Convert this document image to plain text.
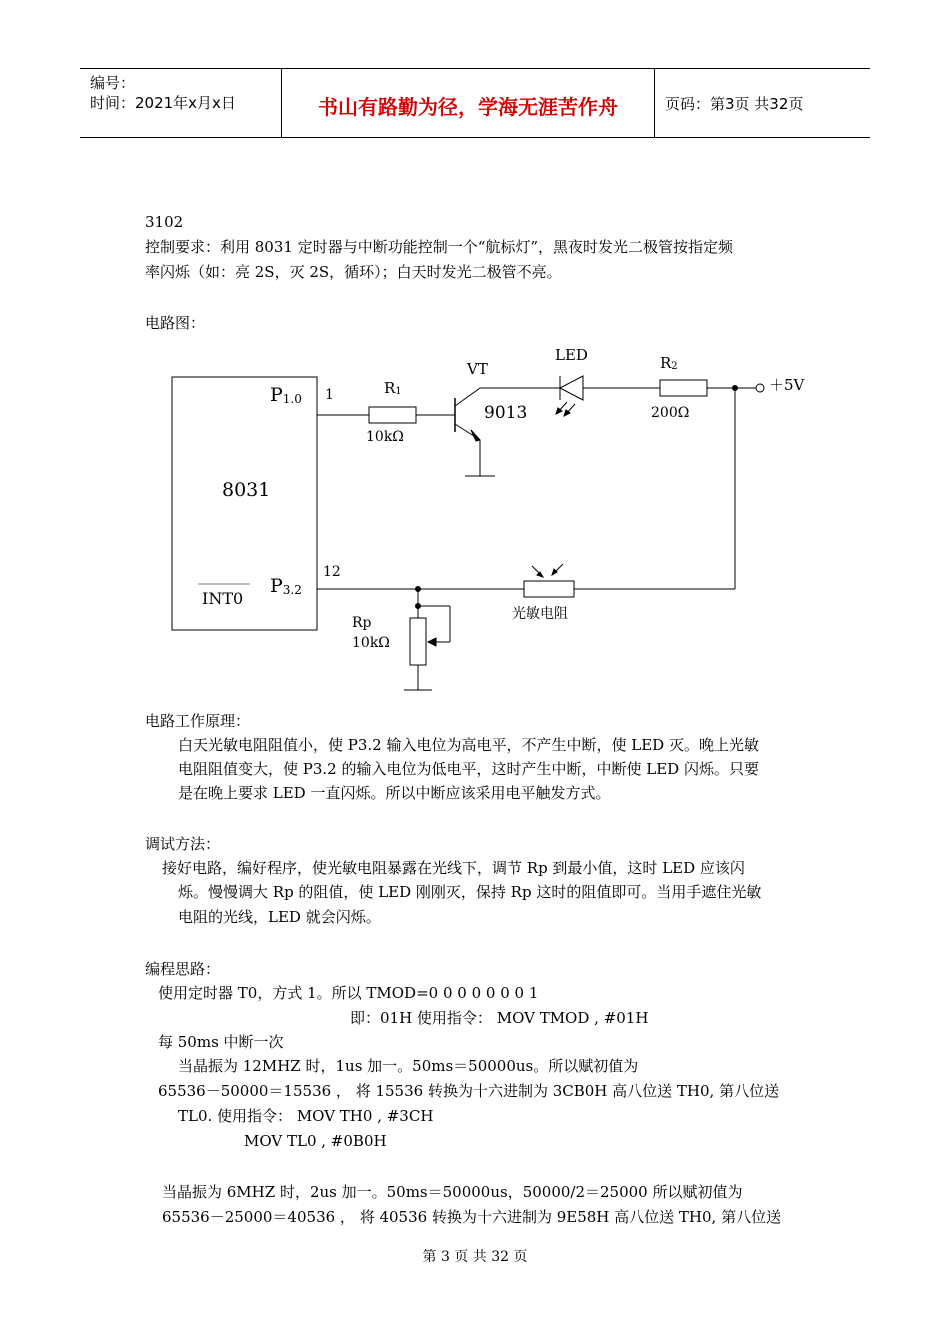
编号：
时间：2021年x月x日	书山有路勤为径，学海无涯苦作舟	页码：第3页 共32页
3102
控制要求：利用 8031 定时器与中断功能控制一个“航标灯”，黑夜时发光二极管按指定频
率闪烁（如：亮 2S，灭 2S，循环）；白天时发光二极管不亮。
电路图：
8031
P1.0
P3.2
INT0
1
12
R1
10kΩ
VT
9013
LED	R2
200Ω
＋5V
Rp
10kΩ
光敏电阻
电路工作原理：
白天光敏电阻阻值小，使 P3.2 输入电位为高电平，不产生中断，使 LED 灭。晚上光敏
电阻阻值变大，使 P3.2 的输入电位为低电平，这时产生中断，中断使 LED 闪烁。只要
是在晚上要求 LED 一直闪烁。所以中断应该采用电平触发方式。
调试方法：
接好电路，编好程序，使光敏电阻暴露在光线下，调节 Rp 到最小值，这时 LED 应该闪
烁。慢慢调大 Rp 的阻值，使 LED 刚刚灭，保持 Rp 这时的阻值即可。当用手遮住光敏
电阻的光线，LED 就会闪烁。
编程思路：
使用定时器 T0，方式 1。所以 TMOD=0 0 0 0 0 0 0 1
即：01H 使用指令： MOV TMOD , #01H
每 50ms 中断一次
当晶振为 12MHZ 时，1us 加一。50ms＝50000us。所以赋初值为
65536－50000＝15536 ， 将 15536 转换为十六进制为 3CB0H 高八位送 TH0, 第八位送
TL0. 使用指令： MOV TH0 , #3CH
MOV TL0 , #0B0H
当晶振为 6MHZ 时，2us 加一。50ms＝50000us，50000/2＝25000 所以赋初值为
65536－25000＝40536 ， 将 40536 转换为十六进制为 9E58H 高八位送 TH0, 第八位送
第 3 页 共 32 页
